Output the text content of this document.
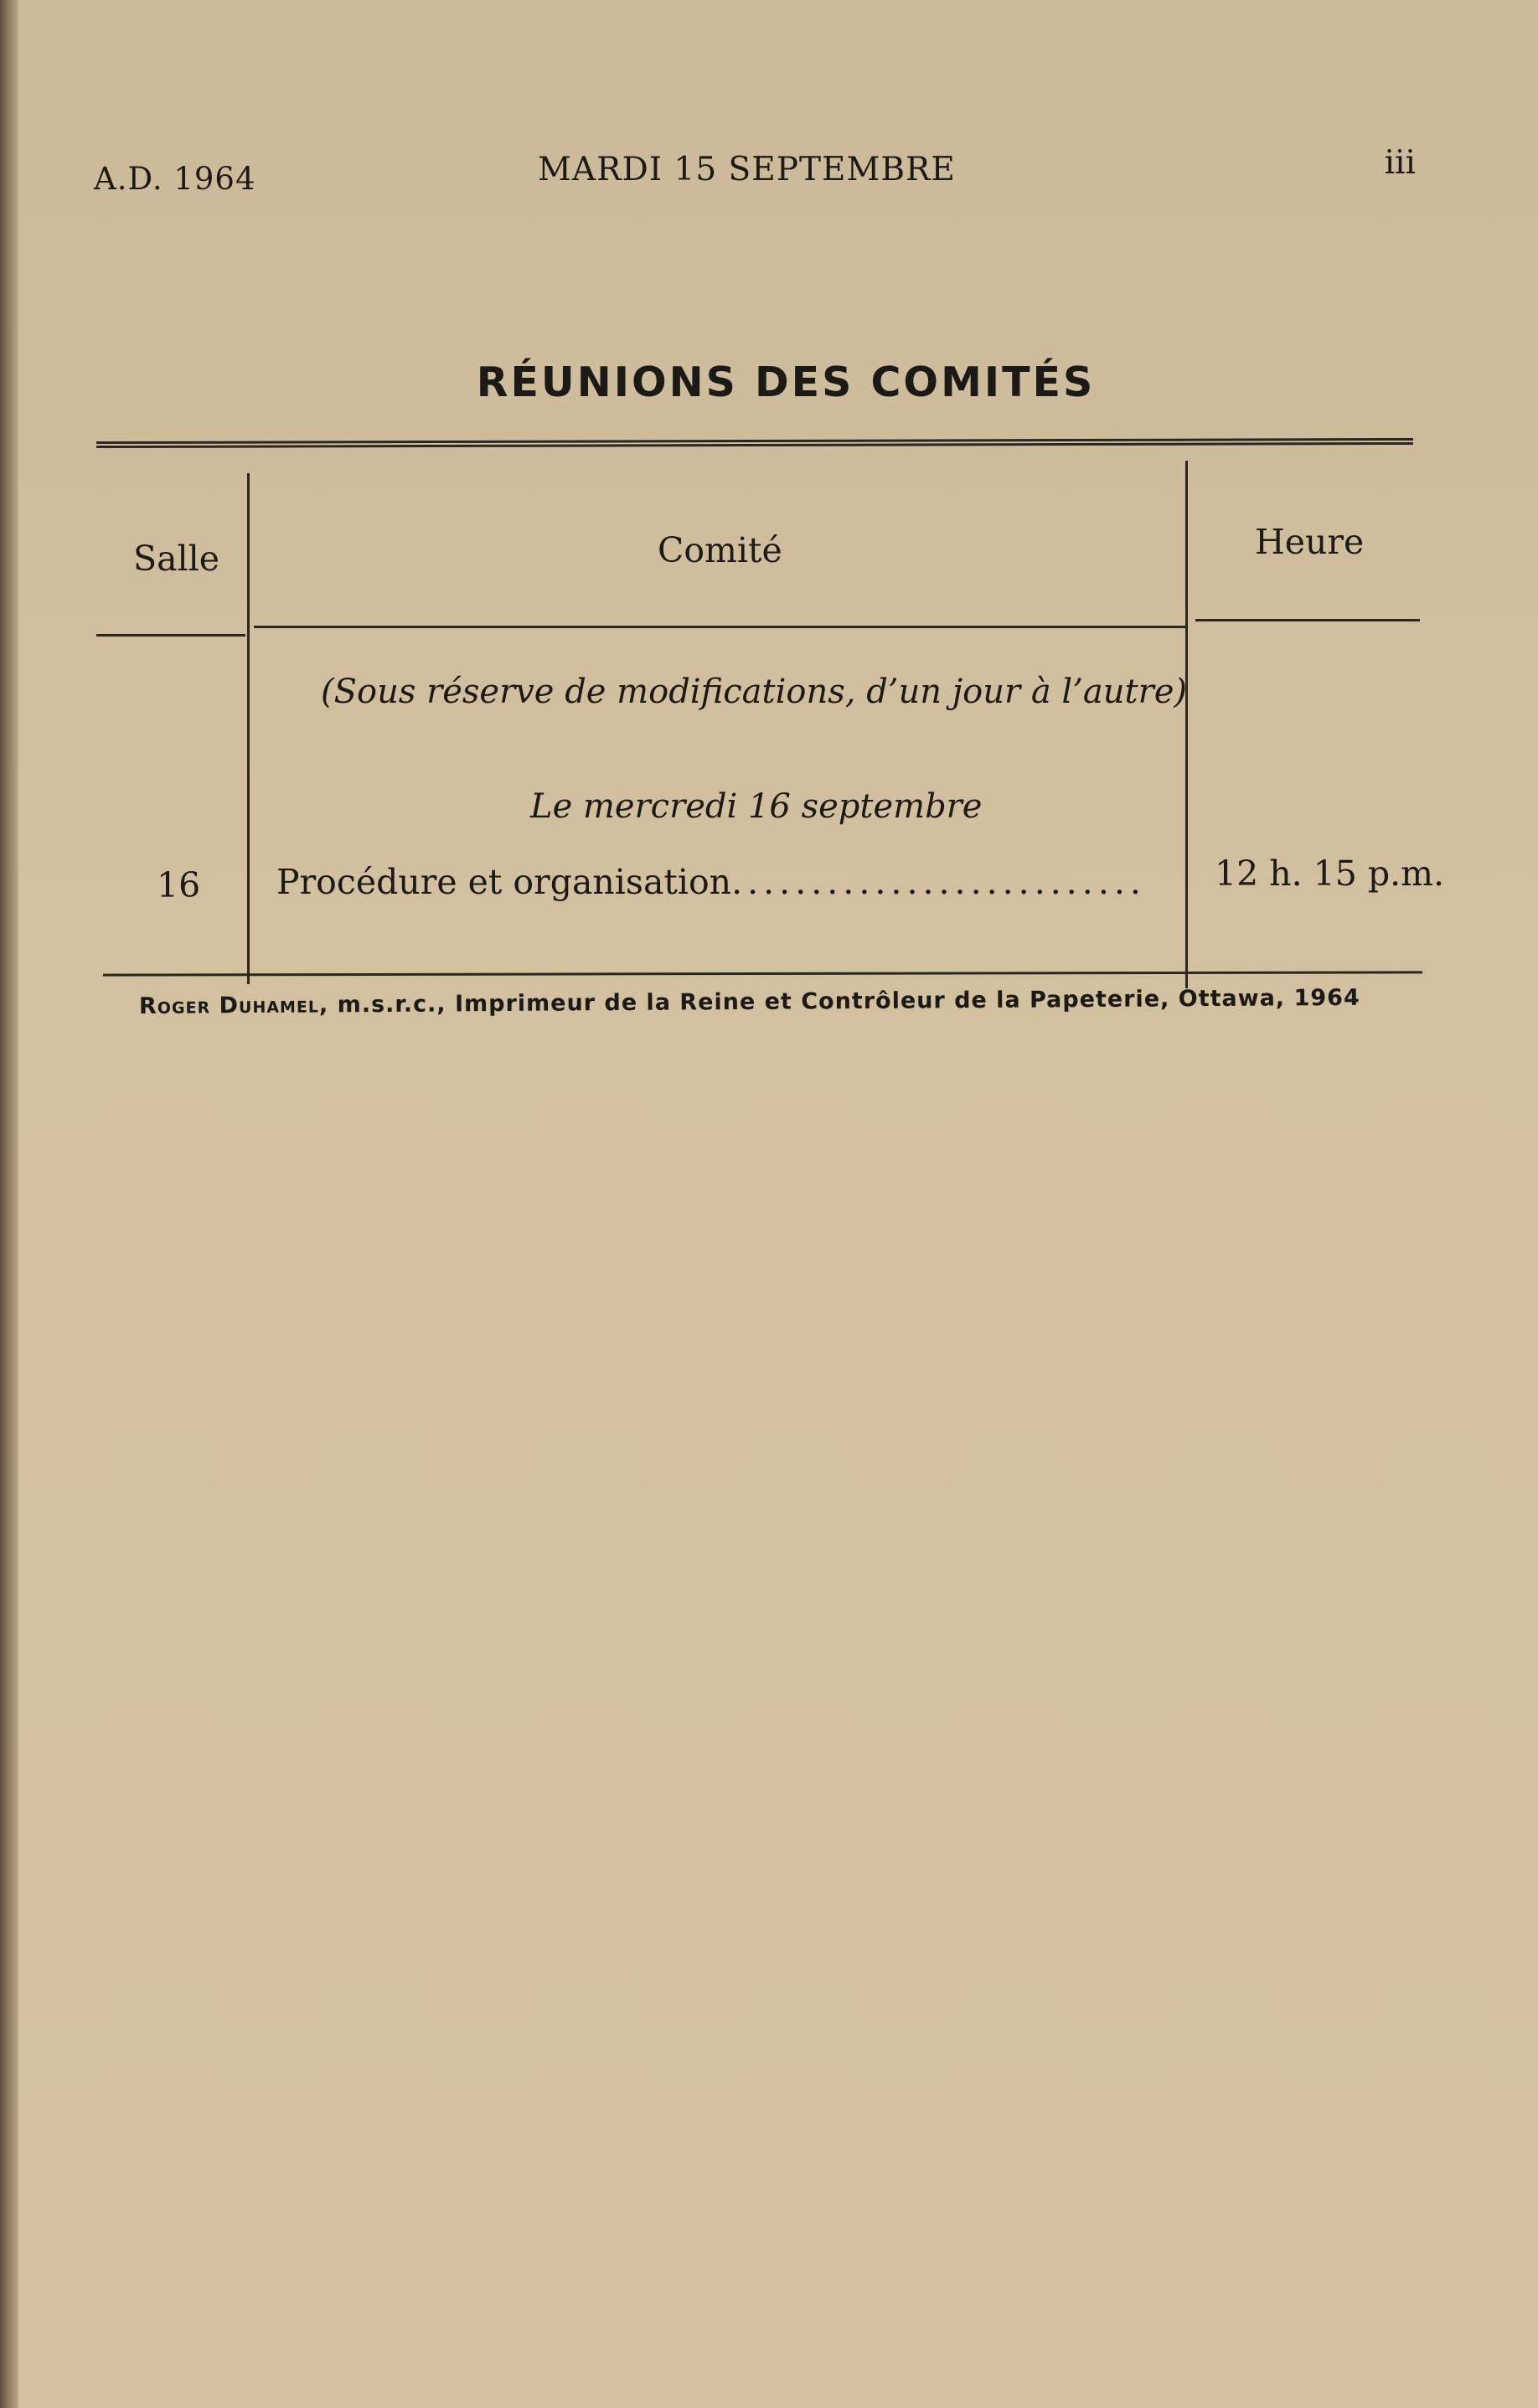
A.D. 1964	MARDI 15 SEPTEMBRE	iii
RÉUNIONS DES COMITÉS
Salle	Comité	Heure
(Sous réserve de modifications, d’un jour à l’autre)
Le mercredi 16 septembre
16 Procédure et organisation..........................	12 h. 15 p.m.
Roger Duhamel, m.s.r.c., Imprimeur de la Reine et Contrôleur de la Papeterie, Ottawa, 1964
